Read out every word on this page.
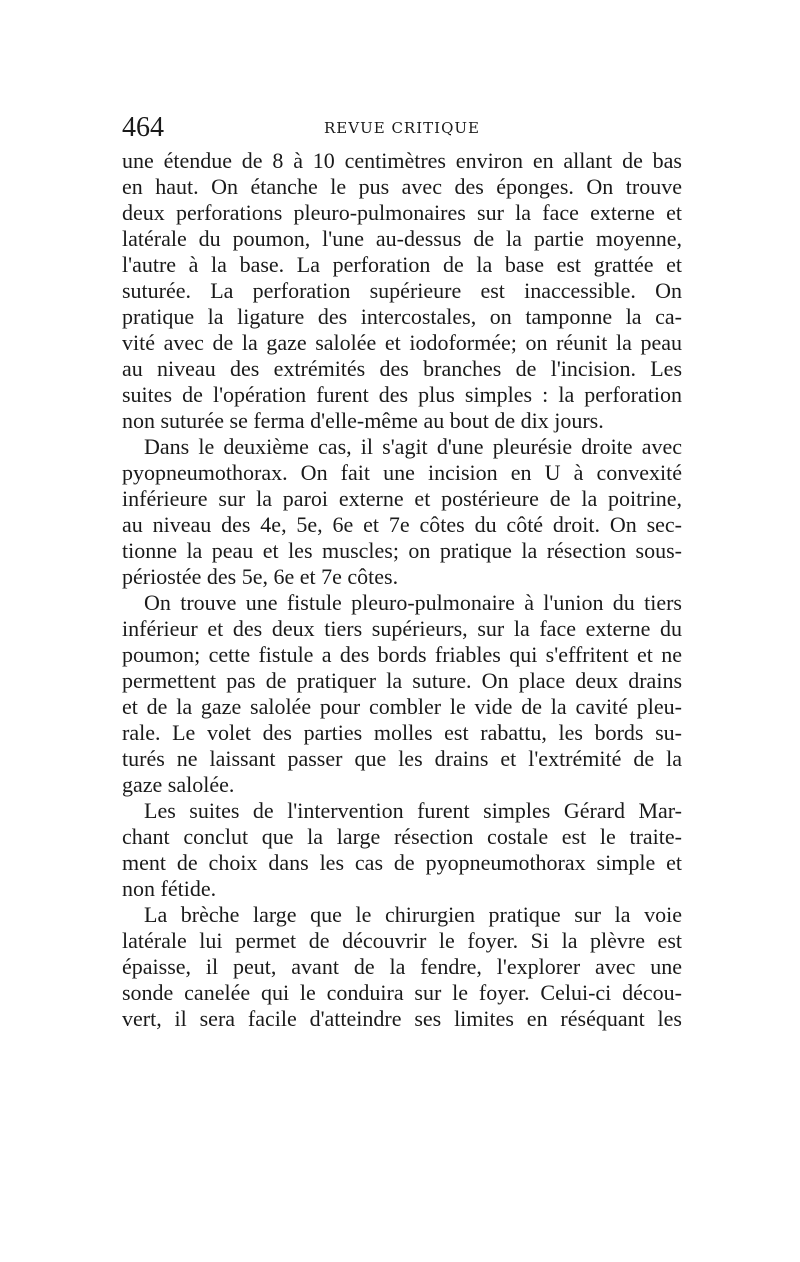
464	REVUE CRITIQUE
une étendue de 8 à 10 centimètres environ en allant de bas
en haut. On étanche le pus avec des éponges. On trouve
deux perforations pleuro-pulmonaires sur la face externe et
latérale du poumon, l'une au-dessus de la partie moyenne,
l'autre à la base. La perforation de la base est grattée et
suturée. La perforation supérieure est inaccessible. On
pratique la ligature des intercostales, on tamponne la ca-
vité avec de la gaze salolée et iodoformée; on réunit la peau
au niveau des extrémités des branches de l'incision. Les
suites de l'opération furent des plus simples : la perforation
non suturée se ferma d'elle-même au bout de dix jours.
Dans le deuxième cas, il s'agit d'une pleurésie droite avec
pyopneumothorax. On fait une incision en U à convexité
inférieure sur la paroi externe et postérieure de la poitrine,
au niveau des 4e, 5e, 6e et 7e côtes du côté droit. On sec-
tionne la peau et les muscles; on pratique la résection sous-
périostée des 5e, 6e et 7e côtes.
On trouve une fistule pleuro-pulmonaire à l'union du tiers
inférieur et des deux tiers supérieurs, sur la face externe du
poumon; cette fistule a des bords friables qui s'effritent et ne
permettent pas de pratiquer la suture. On place deux drains
et de la gaze salolée pour combler le vide de la cavité pleu-
rale. Le volet des parties molles est rabattu, les bords su-
turés ne laissant passer que les drains et l'extrémité de la
gaze salolée.
Les suites de l'intervention furent simples Gérard Mar-
chant conclut que la large résection costale est le traite-
ment de choix dans les cas de pyopneumothorax simple et
non fétide.
La brèche large que le chirurgien pratique sur la voie
latérale lui permet de découvrir le foyer. Si la plèvre est
épaisse, il peut, avant de la fendre, l'explorer avec une
sonde canelée qui le conduira sur le foyer. Celui-ci décou-
vert, il sera facile d'atteindre ses limites en réséquant les
